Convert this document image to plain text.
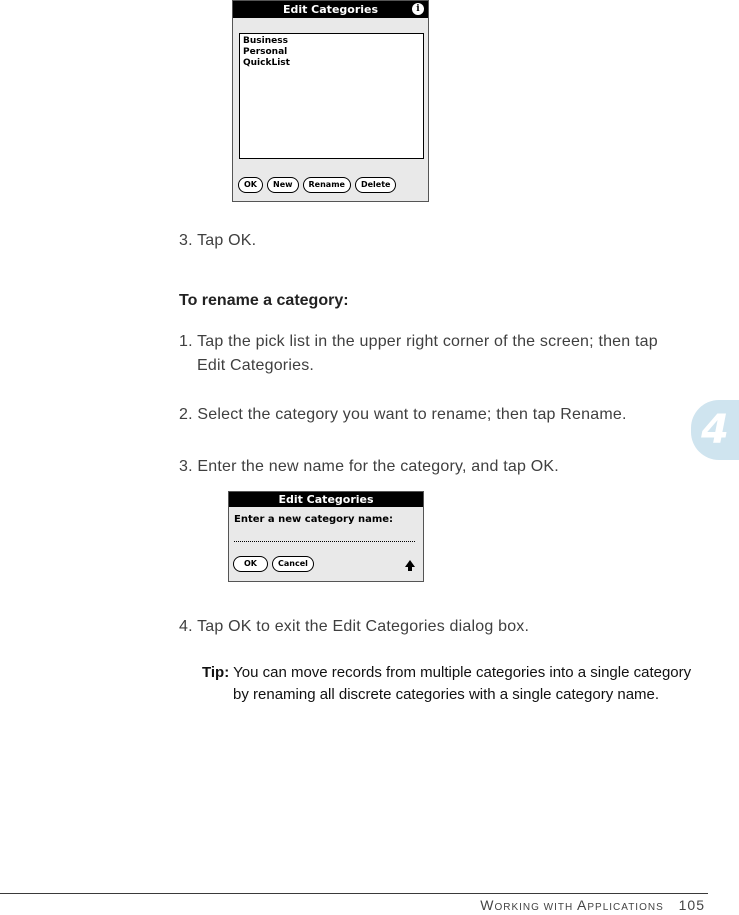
Edit Categories	i
Business
Personal
QuickList
OK	New	Rename	Delete
3. Tap OK.
To rename a category:
1. Tap the pick list in the upper right corner of the screen; then tap
Edit Categories.
2. Select the category you want to rename; then tap Rename.
3. Enter the new name for the category, and tap OK.
Edit Categories
Enter a new category name:
OK	Cancel
4. Tap OK to exit the Edit Categories dialog box.
Tip: You can move records from multiple categories into a single category
by renaming all discrete categories with a single category name.
4
WORKING WITH APPLICATIONS 105
